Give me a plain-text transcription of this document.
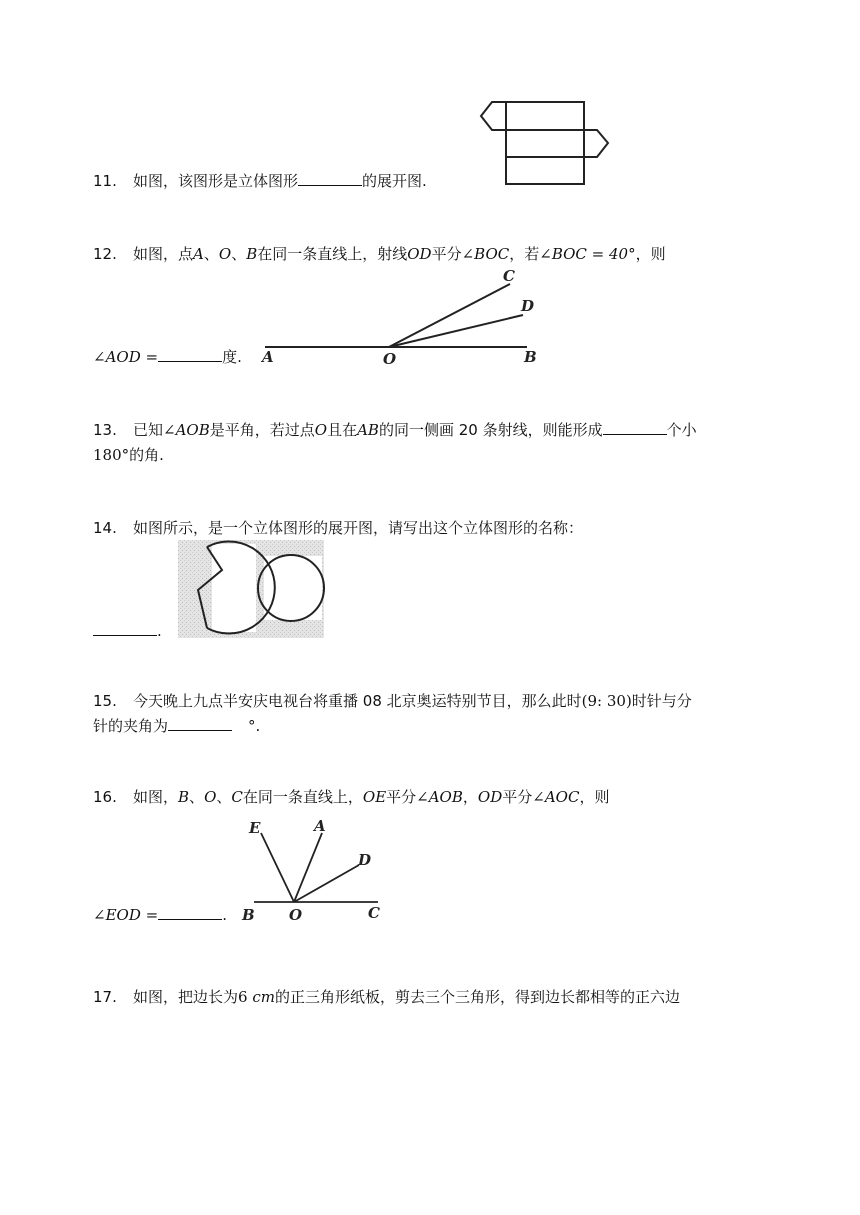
11. 如图，该图形是立体图形	的展开图.
12. 如图，点A、O、B在同一条直线上，射线OD平分∠BOC，若∠BOC = 40°，则
A	O	B
C
D
∠AOD =	度.
13. 已知∠AOB是平角，若过点O且在AB的同一侧画 20 条射线，则能形成	个小
180°的角.
14. 如图所示，是一个立体图形的展开图，请写出这个立体图形的名称：
.
15. 今天晚上九点半安庆电视台将重播 08 北京奥运特别节目，那么此时(9: 30)时针与分
针的夹角为	°.
16. 如图，B、O、C在同一条直线上，OE平分∠AOB，OD平分∠AOC，则
E	A
D
B O	C
∠EOD =	.
17. 如图，把边长为6 cm的正三角形纸板，剪去三个三角形，得到边长都相等的正六边
